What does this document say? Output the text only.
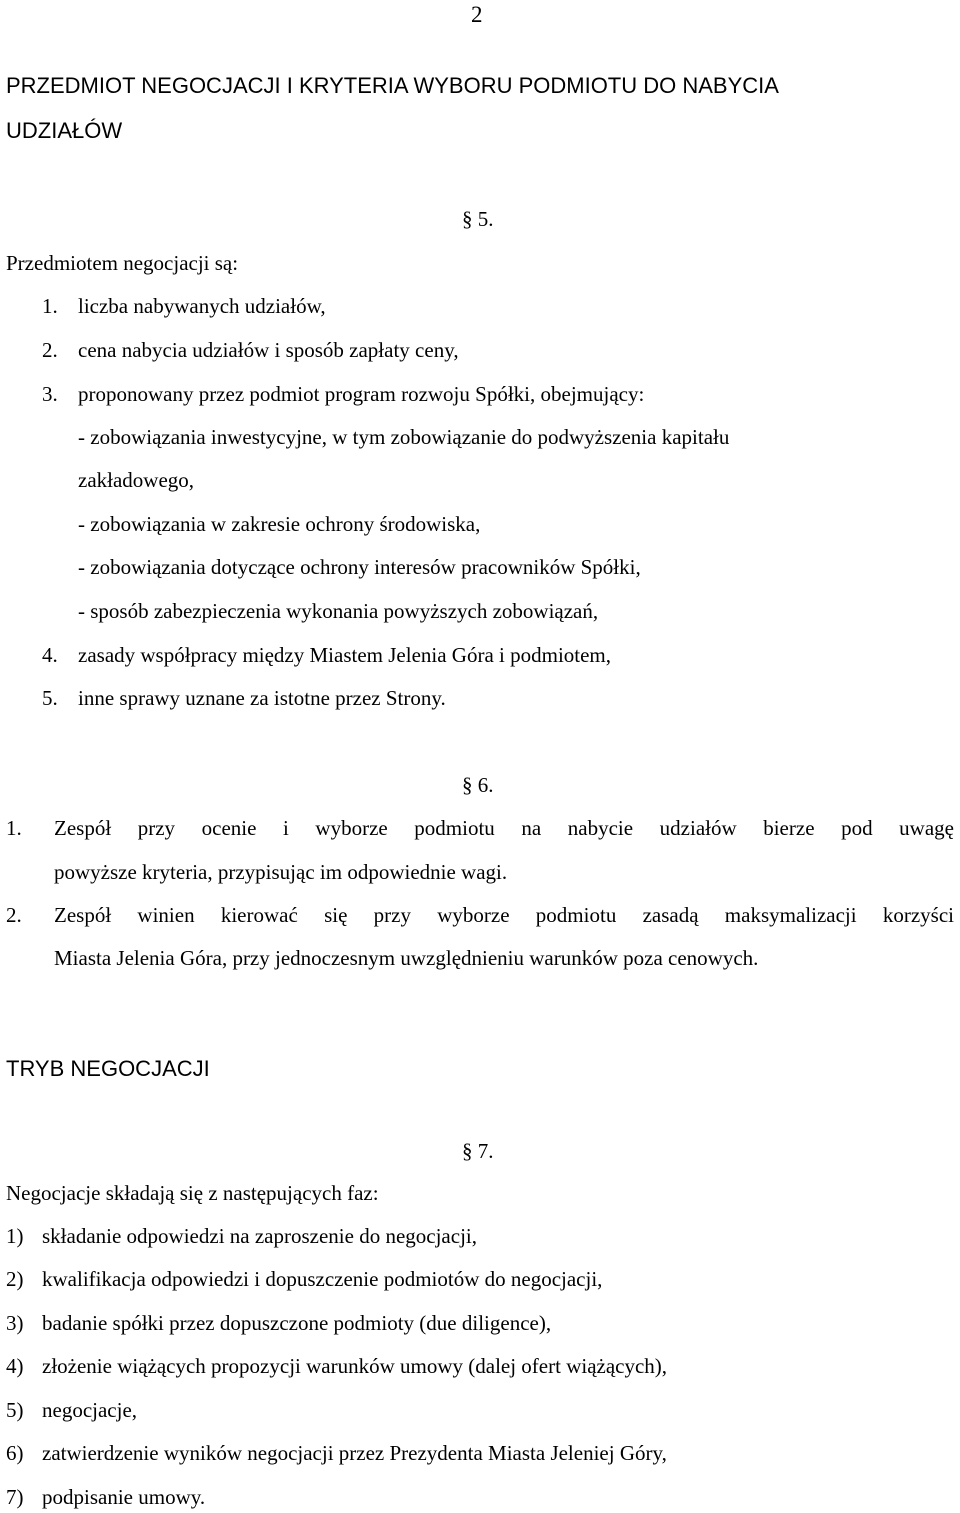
2
PRZEDMIOT NEGOCJACJI I KRYTERIA WYBORU PODMIOTU DO NABYCIA
UDZIAŁÓW
§ 5.
Przedmiotem negocjacji są:
1. liczba nabywanych udziałów,
2. cena nabycia udziałów i sposób zapłaty ceny,
3. proponowany przez podmiot program rozwoju Spółki, obejmujący:
- zobowiązania inwestycyjne, w tym zobowiązanie do podwyższenia kapitału
zakładowego,
- zobowiązania w zakresie ochrony środowiska,
- zobowiązania dotyczące ochrony interesów pracowników Spółki,
- sposób zabezpieczenia wykonania powyższych zobowiązań,
4. zasady współpracy między Miastem Jelenia Góra i podmiotem,
5. inne sprawy uznane za istotne przez Strony.
§ 6.
1. Zespół przy ocenie i wyborze podmiotu na nabycie udziałów bierze pod uwagę
powyższe kryteria, przypisując im odpowiednie wagi.
2. Zespół winien kierować się przy wyborze podmiotu zasadą maksymalizacji korzyści
Miasta Jelenia Góra, przy jednoczesnym uwzględnieniu warunków poza cenowych.
TRYB NEGOCJACJI
§ 7.
Negocjacje składają się z następujących faz:
1) składanie odpowiedzi na zaproszenie do negocjacji,
2) kwalifikacja odpowiedzi i dopuszczenie podmiotów do negocjacji,
3) badanie spółki przez dopuszczone podmioty (due diligence),
4) złożenie wiążących propozycji warunków umowy (dalej ofert wiążących),
5) negocjacje,
6) zatwierdzenie wyników negocjacji przez Prezydenta Miasta Jeleniej Góry,
7) podpisanie umowy.
